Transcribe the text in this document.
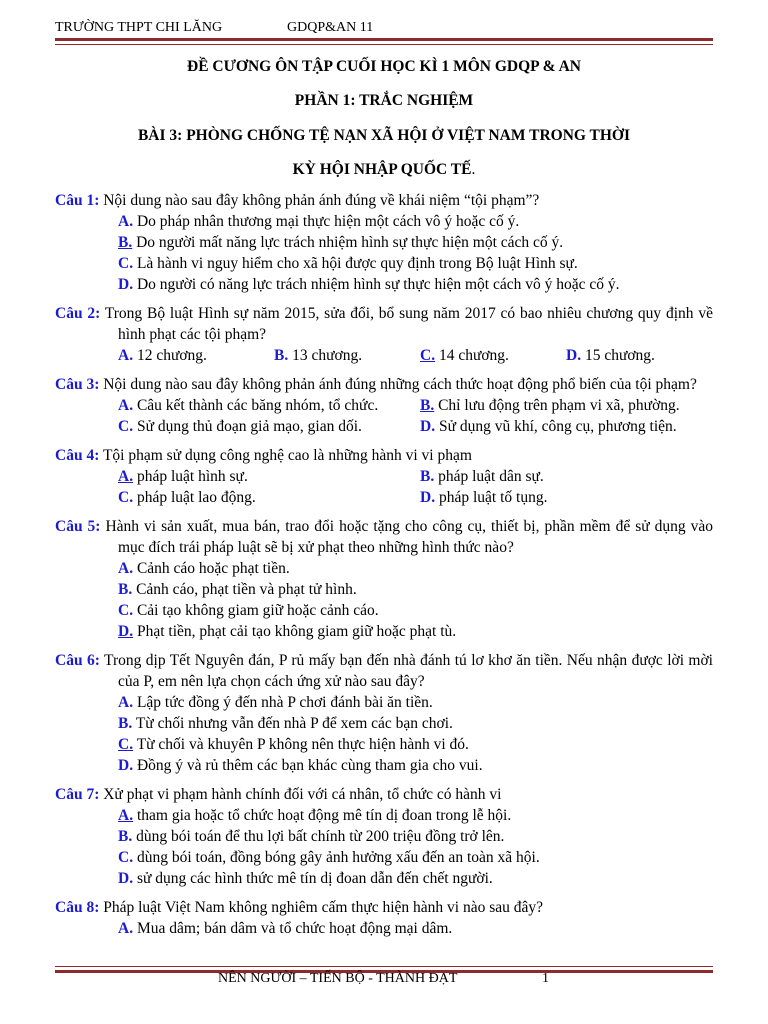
TRƯỜNG THPT CHI LĂNG	GDQP&AN 11
ĐỀ CƯƠNG ÔN TẬP CUỐI HỌC KÌ 1 MÔN GDQP & AN
PHẦN 1: TRẮC NGHIỆM
BÀI 3: PHÒNG CHỐNG TỆ NẠN XÃ HỘI Ở VIỆT NAM TRONG THỜI
KỲ HỘI NHẬP QUỐC TẾ.
Câu 1: Nội dung nào sau đây không phản ánh đúng về khái niệm “tội phạm”?
A. Do pháp nhân thương mại thực hiện một cách vô ý hoặc cố ý.
B. Do người mất năng lực trách nhiệm hình sự thực hiện một cách cố ý.
C. Là hành vi nguy hiểm cho xã hội được quy định trong Bộ luật Hình sự.
D. Do người có năng lực trách nhiệm hình sự thực hiện một cách vô ý hoặc cố ý.
Câu 2: Trong Bộ luật Hình sự năm 2015, sửa đổi, bổ sung năm 2017 có bao nhiêu chương quy định về hình phạt các tội phạm?
A. 12 chương.	B. 13 chương.	C. 14 chương.	D. 15 chương.
Câu 3: Nội dung nào sau đây không phản ánh đúng những cách thức hoạt động phổ biến của tội phạm?
A. Câu kết thành các băng nhóm, tổ chức.	B. Chỉ lưu động trên phạm vi xã, phường.
C. Sử dụng thủ đoạn giả mạo, gian dối.	D. Sử dụng vũ khí, công cụ, phương tiện.
Câu 4: Tội phạm sử dụng công nghệ cao là những hành vi vi phạm
A. pháp luật hình sự.	B. pháp luật dân sự.
C. pháp luật lao động.	D. pháp luật tố tụng.
Câu 5: Hành vi sản xuất, mua bán, trao đổi hoặc tặng cho công cụ, thiết bị, phần mềm để sử dụng vào mục đích trái pháp luật sẽ bị xử phạt theo những hình thức nào?
A. Cảnh cáo hoặc phạt tiền.
B. Cảnh cáo, phạt tiền và phạt tử hình.
C. Cải tạo không giam giữ hoặc cảnh cáo.
D. Phạt tiền, phạt cải tạo không giam giữ hoặc phạt tù.
Câu 6: Trong dịp Tết Nguyên đán, P rủ mấy bạn đến nhà đánh tú lơ khơ ăn tiền. Nếu nhận được lời mời của P, em nên lựa chọn cách ứng xử nào sau đây?
A. Lập tức đồng ý đến nhà P chơi đánh bài ăn tiền.
B. Từ chối nhưng vẫn đến nhà P để xem các bạn chơi.
C. Từ chối và khuyên P không nên thực hiện hành vi đó.
D. Đồng ý và rủ thêm các bạn khác cùng tham gia cho vui.
Câu 7: Xử phạt vi phạm hành chính đối với cá nhân, tổ chức có hành vi
A. tham gia hoặc tổ chức hoạt động mê tín dị đoan trong lễ hội.
B. dùng bói toán để thu lợi bất chính từ 200 triệu đồng trở lên.
C. dùng bói toán, đồng bóng gây ảnh hưởng xấu đến an toàn xã hội.
D. sử dụng các hình thức mê tín dị đoan dẫn đến chết người.
Câu 8: Pháp luật Việt Nam không nghiêm cấm thực hiện hành vi nào sau đây?
A. Mua dâm; bán dâm và tổ chức hoạt động mại dâm.
NÊN NGƯỜI – TIẾN BỘ - THÀNH ĐẠT	1
